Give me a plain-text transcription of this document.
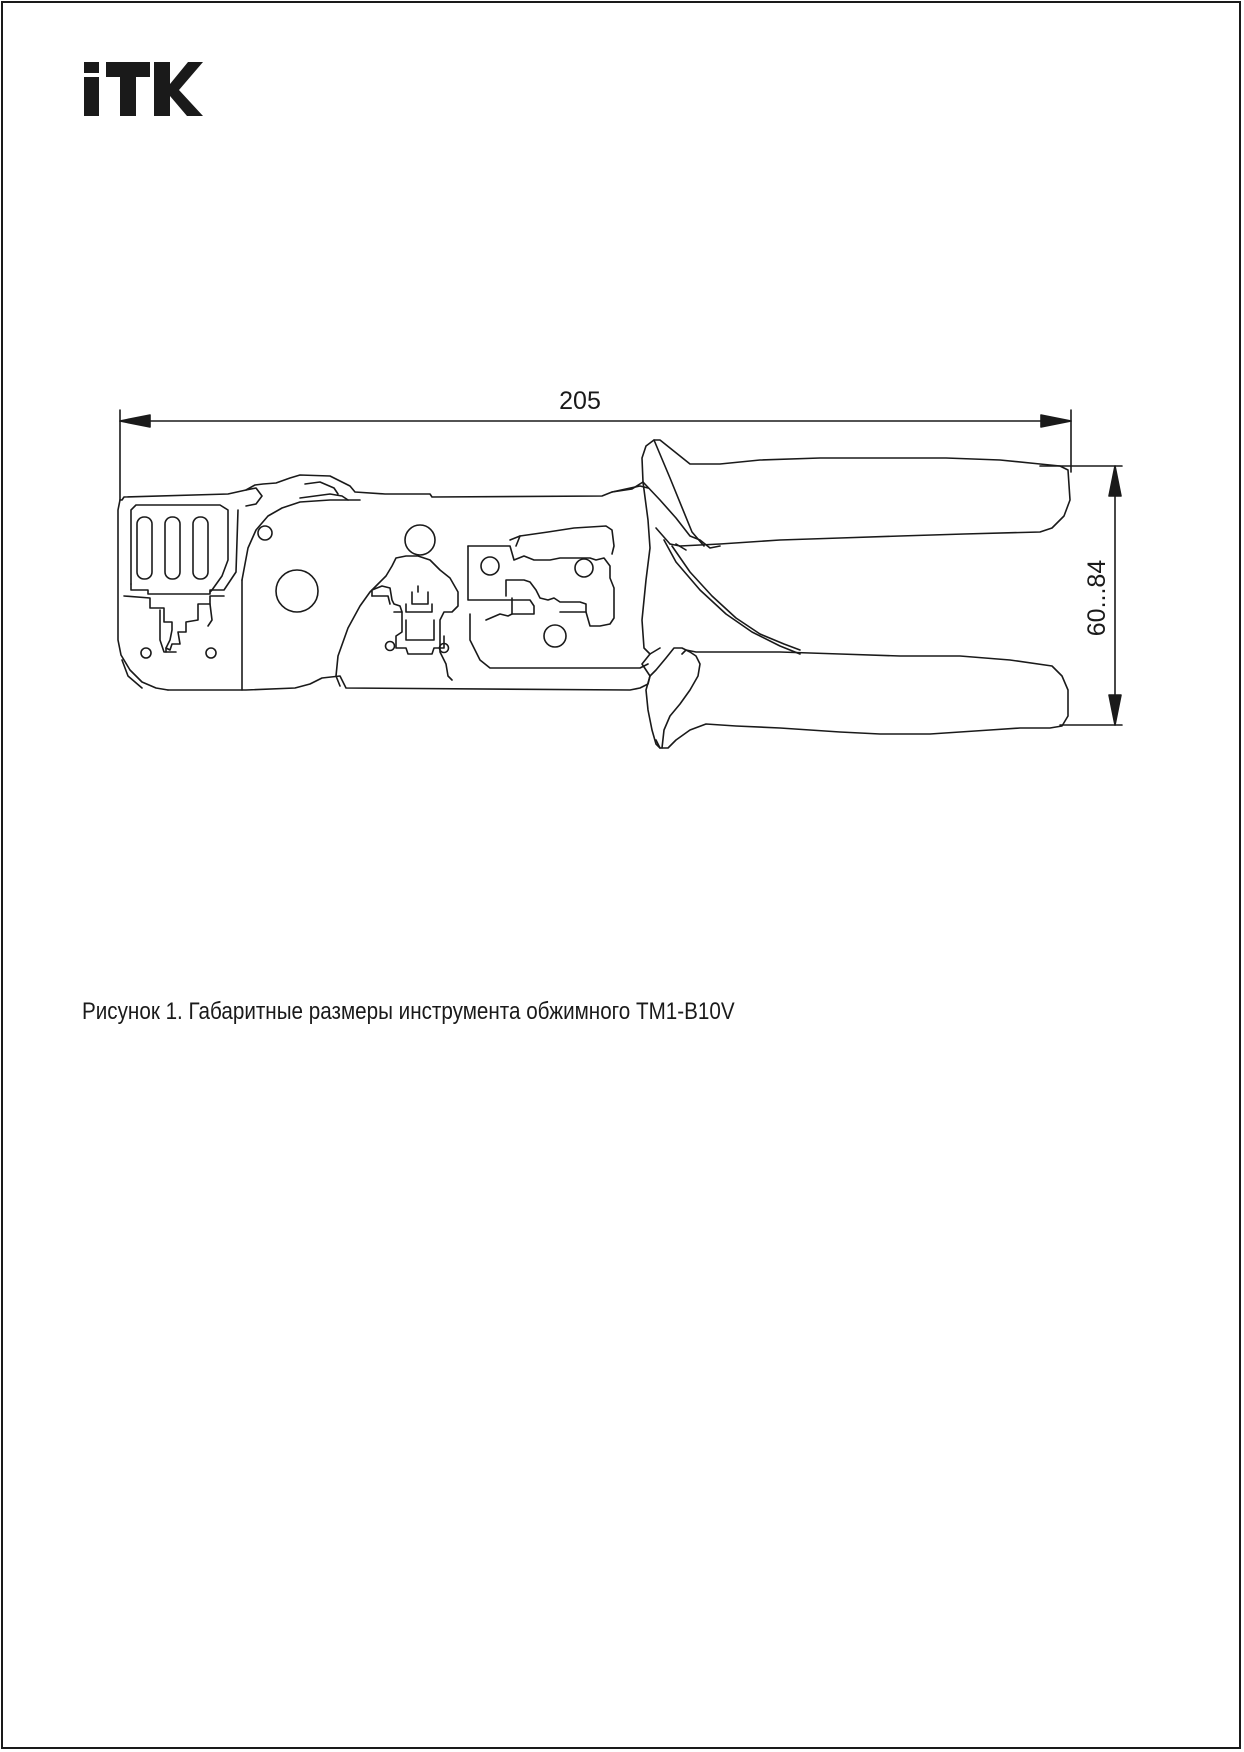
205
60...84
Рисунок 1. Габаритные размеры инструмента обжимного TM1-B10V
